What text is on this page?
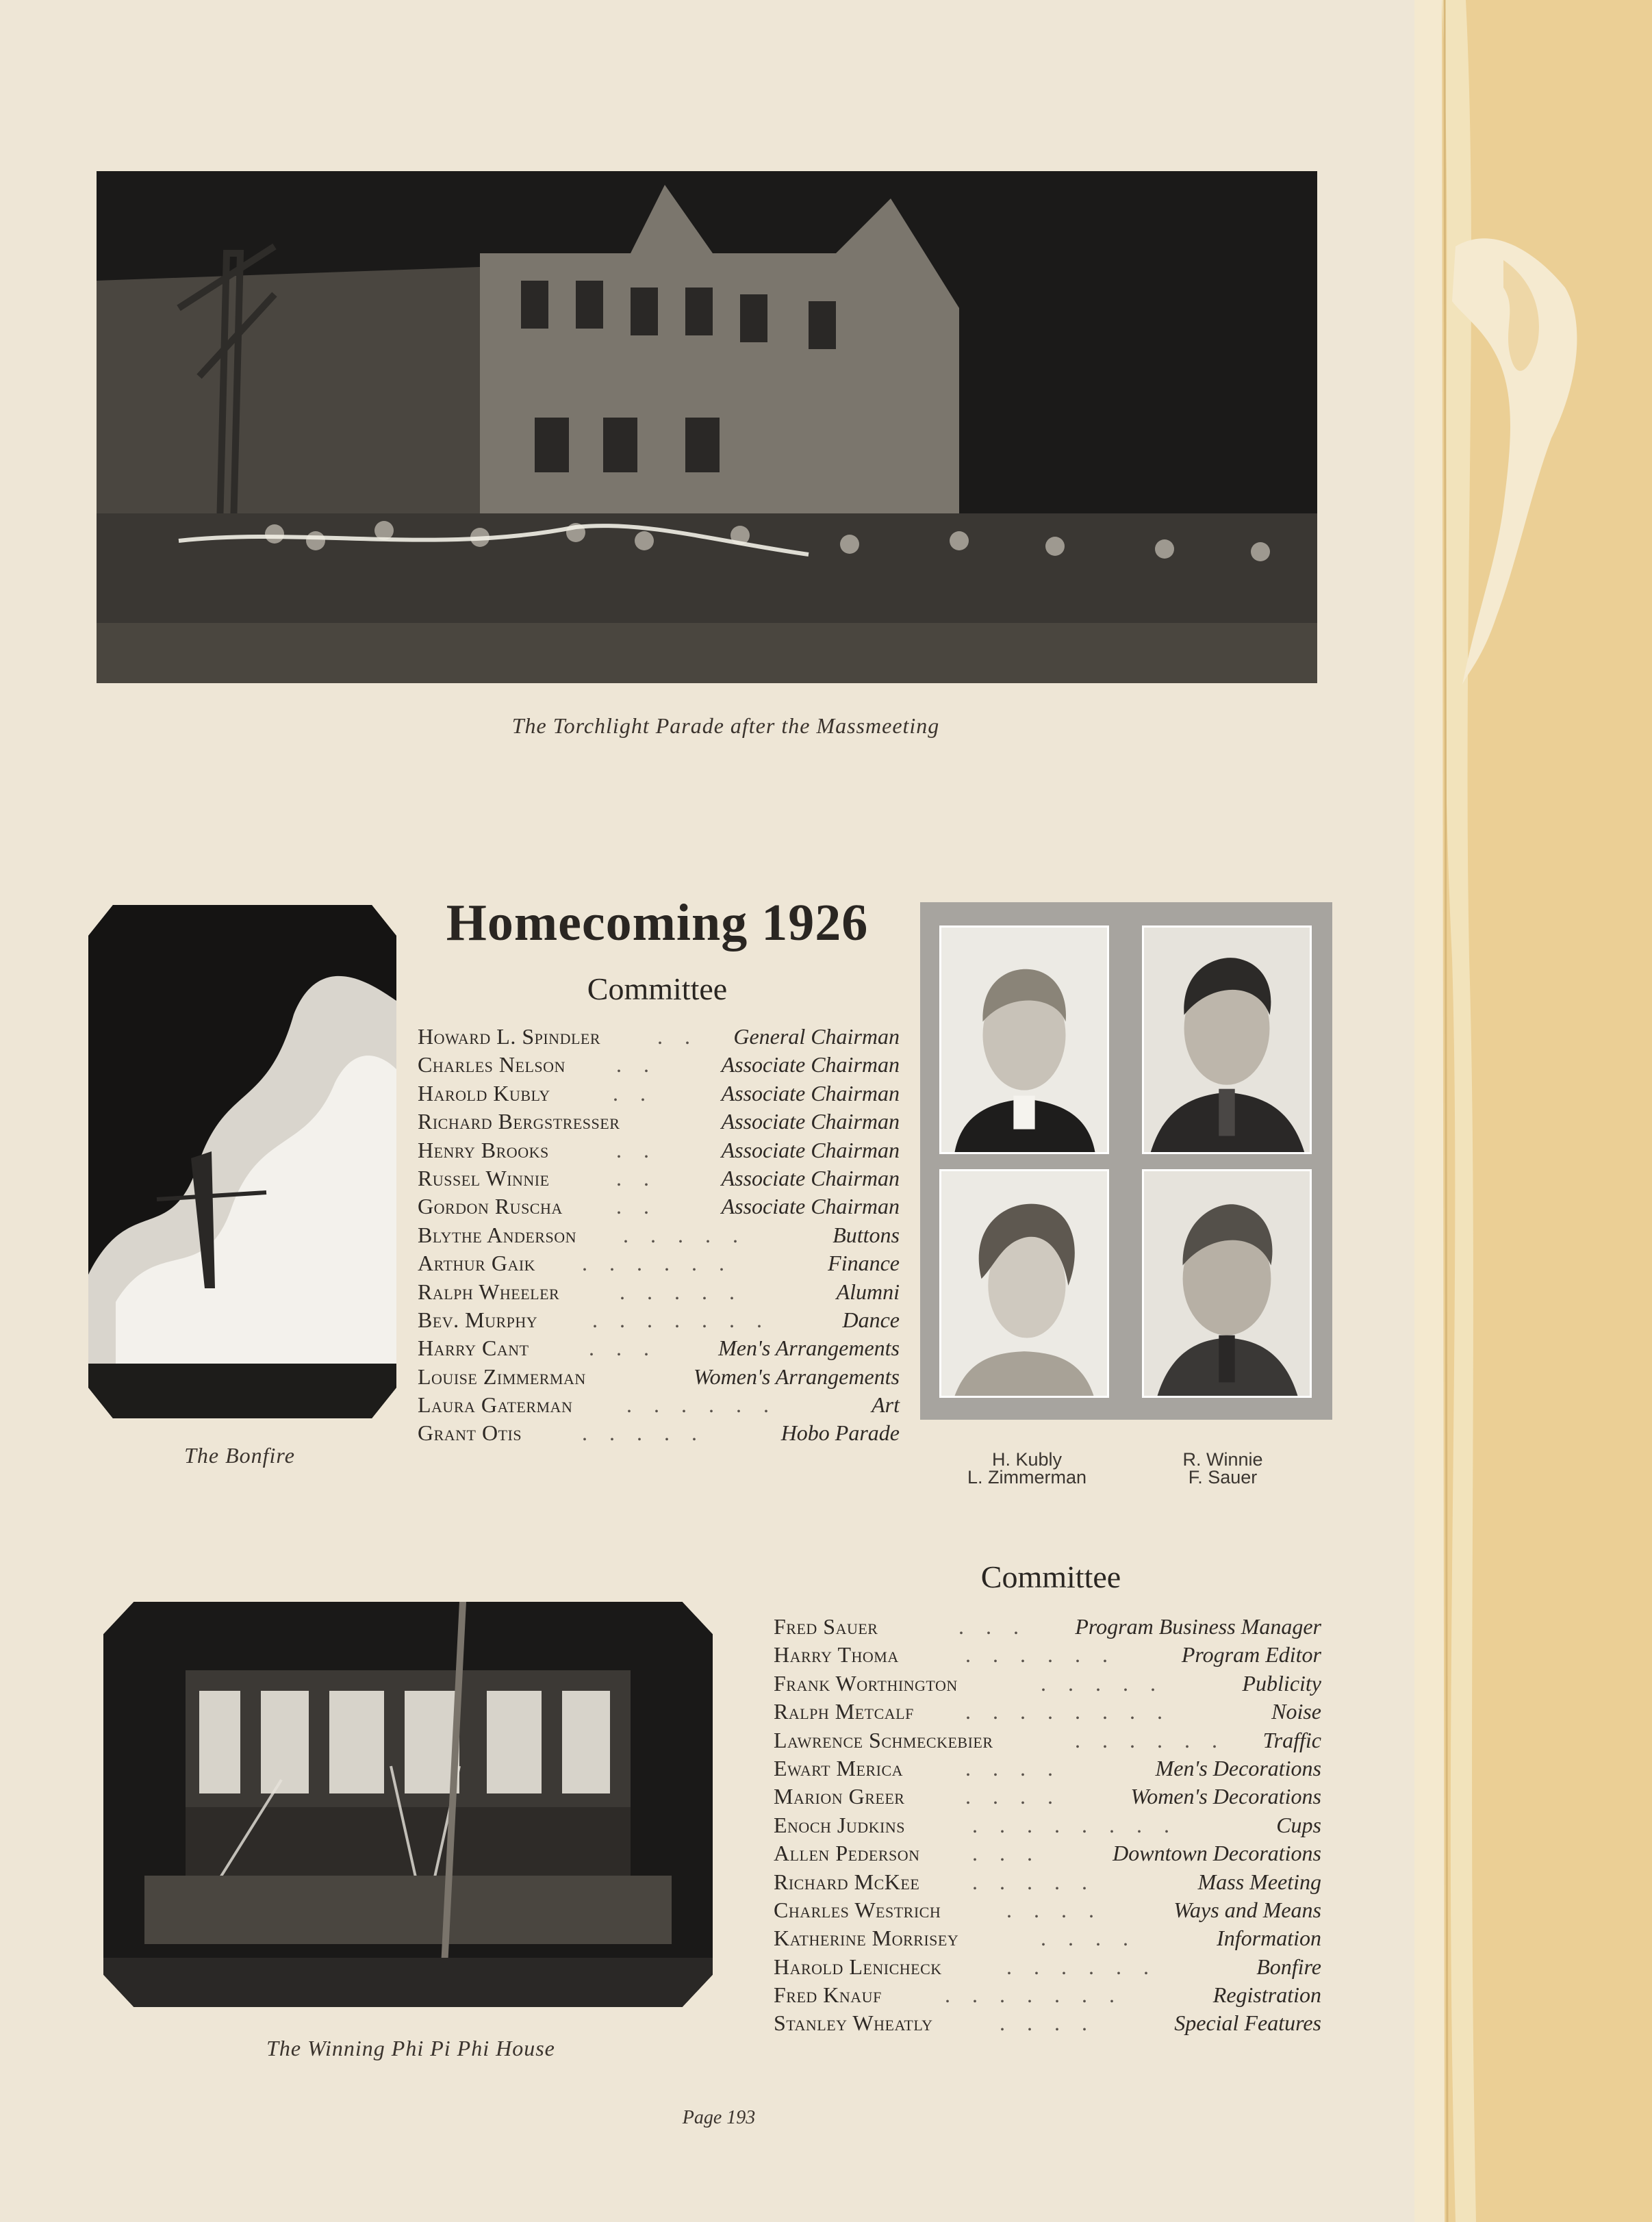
The Torchlight Parade after the Massmeeting
The Bonfire
Homecoming 1926
Committee
Howard L. Spindler	. . General Chairman
Charles Nelson . .	Associate Chairman
Harold Kubly	. .	Associate Chairman
Richard Bergstresser	Associate Chairman
Henry Brooks	. .	Associate Chairman
Russel Winnie	. .	Associate Chairman
Gordon Ruscha . .	Associate Chairman
Blythe Anderson . . . . .	Buttons
Arthur Gaik . . . . . .	Finance
Ralph Wheeler	. . . . .	Alumni
Bev. Murphy . . . . . . .	Dance
Harry Cant	. . .	Men's Arrangements
Louise Zimmerman	Women's Arrangements
Laura Gaterman . . . . . .	Art
Grant Otis	. . . . .	Hobo Parade
H. Kubly
L. Zimmerman
R. Winnie
F. Sauer
Committee
The Winning Phi Pi Phi House
Fred Sauer	. . . Program Business Manager
Harry Thoma	. . . . . .	Program Editor
Frank Worthington	. . . . .	Publicity
Ralph Metcalf . . . . . . . .	Noise
Lawrence Schmeckebier	. . . . . . Traffic
Ewart Merica	. . . .	Men's Decorations
Marion Greer	. . . .	Women's Decorations
Enoch Judkins	. . . . . . . .	Cups
Allen Pederson . . .	Downtown Decorations
Richard McKee . . . . .	Mass Meeting
Charles Westrich	. . . .	Ways and Means
Katherine Morrisey	. . . .	Information
Harold Lenicheck	. . . . . .	Bonfire
Fred Knauf	. . . . . . .	Registration
Stanley Wheatly	. . . .	Special Features
Page 193
